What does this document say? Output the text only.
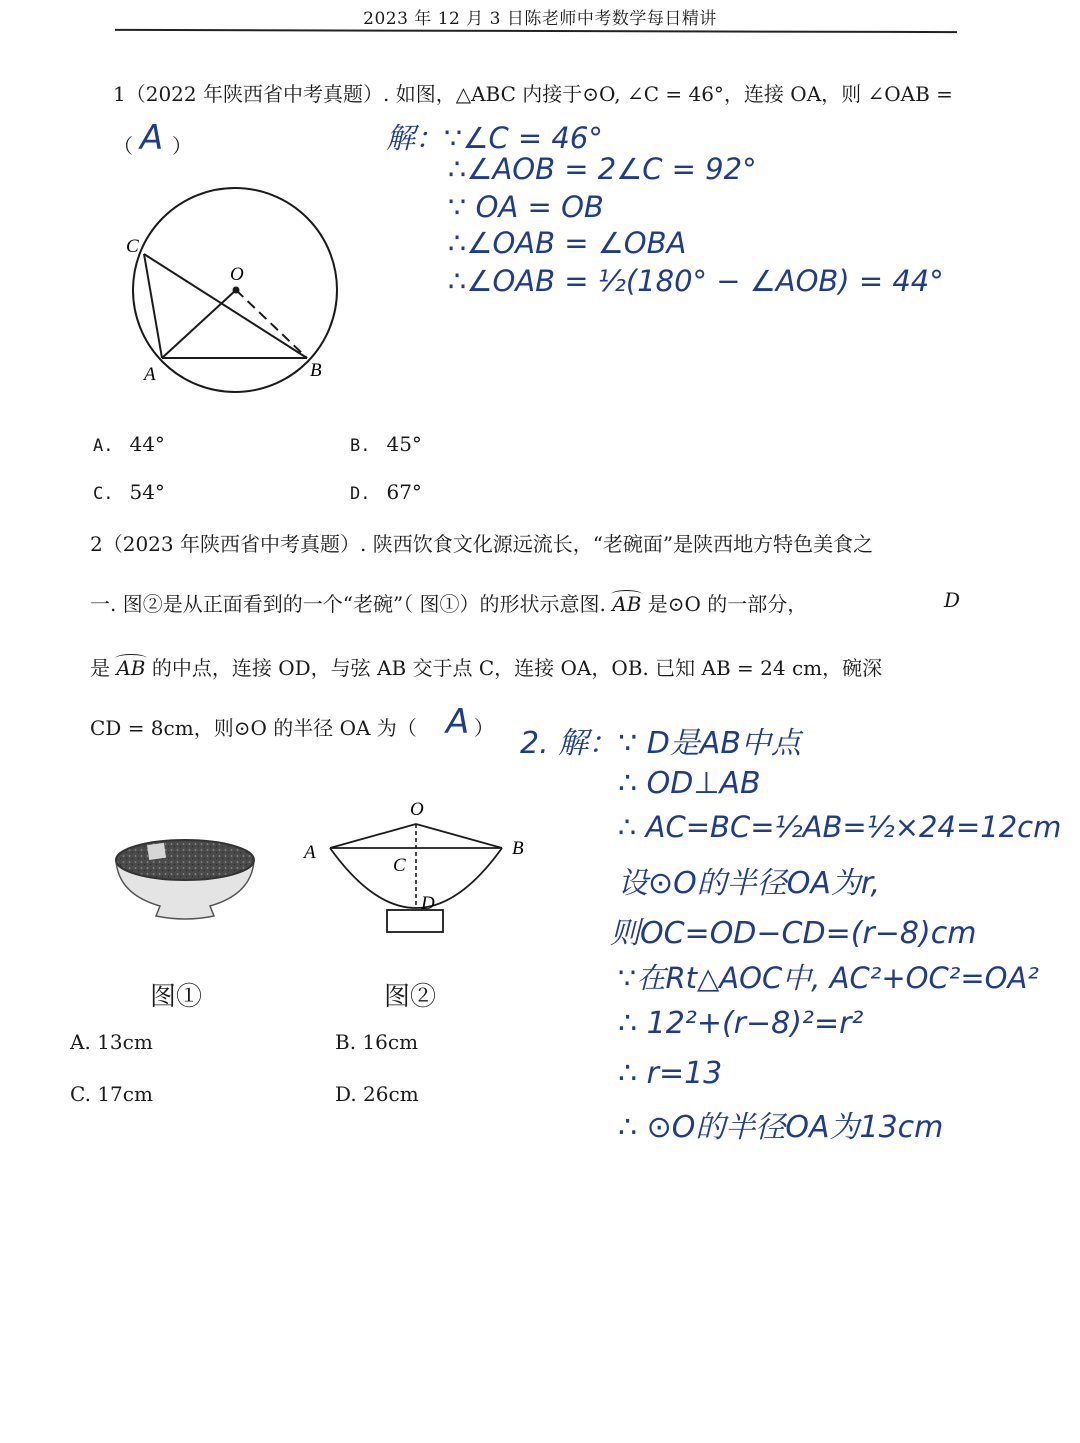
2023 年 12 月 3 日陈老师中考数学每日精讲
1（2022 年陕西省中考真题）. 如图，△ABC 内接于⊙O, ∠C = 46°，连接 OA，则 ∠OAB =
（ A ）
C
O
A	B
解：∵∠C = 46°
∴∠AOB = 2∠C = 92°
∵ OA = OB
∴∠OAB = ∠OBA
∴∠OAB = ½(180° − ∠AOB) = 44°
A. 44°	B. 45°
C. 54°	D. 67°
2（2023 年陕西省中考真题）. 陕西饮食文化源远流长，“老碗面”是陕西地方特色美食之
一. 图②是从正面看到的一个“老碗”（ 图①）的形状示意图. AB 是⊙O 的一部分，	D
是 AB 的中点，连接 OD，与弦 AB 交于点 C，连接 OA，OB. 已知 AB = 24 cm，碗深
CD = 8cm，则⊙O 的半径 OA 为（ A ）
图①
O
A	B
C
D
图②
A. 13cm	B. 16cm
C. 17cm	D. 26cm
2. 解：∵ D是AB中点
∴ OD⊥AB
∴ AC=BC=½AB=½×24=12cm
设⊙O的半径OA为r,
则OC=OD−CD=(r−8)cm
∵在Rt△AOC中, AC²+OC²=OA²
∴ 12²+(r−8)²=r²
∴ r=13
∴ ⊙O的半径OA为13cm
